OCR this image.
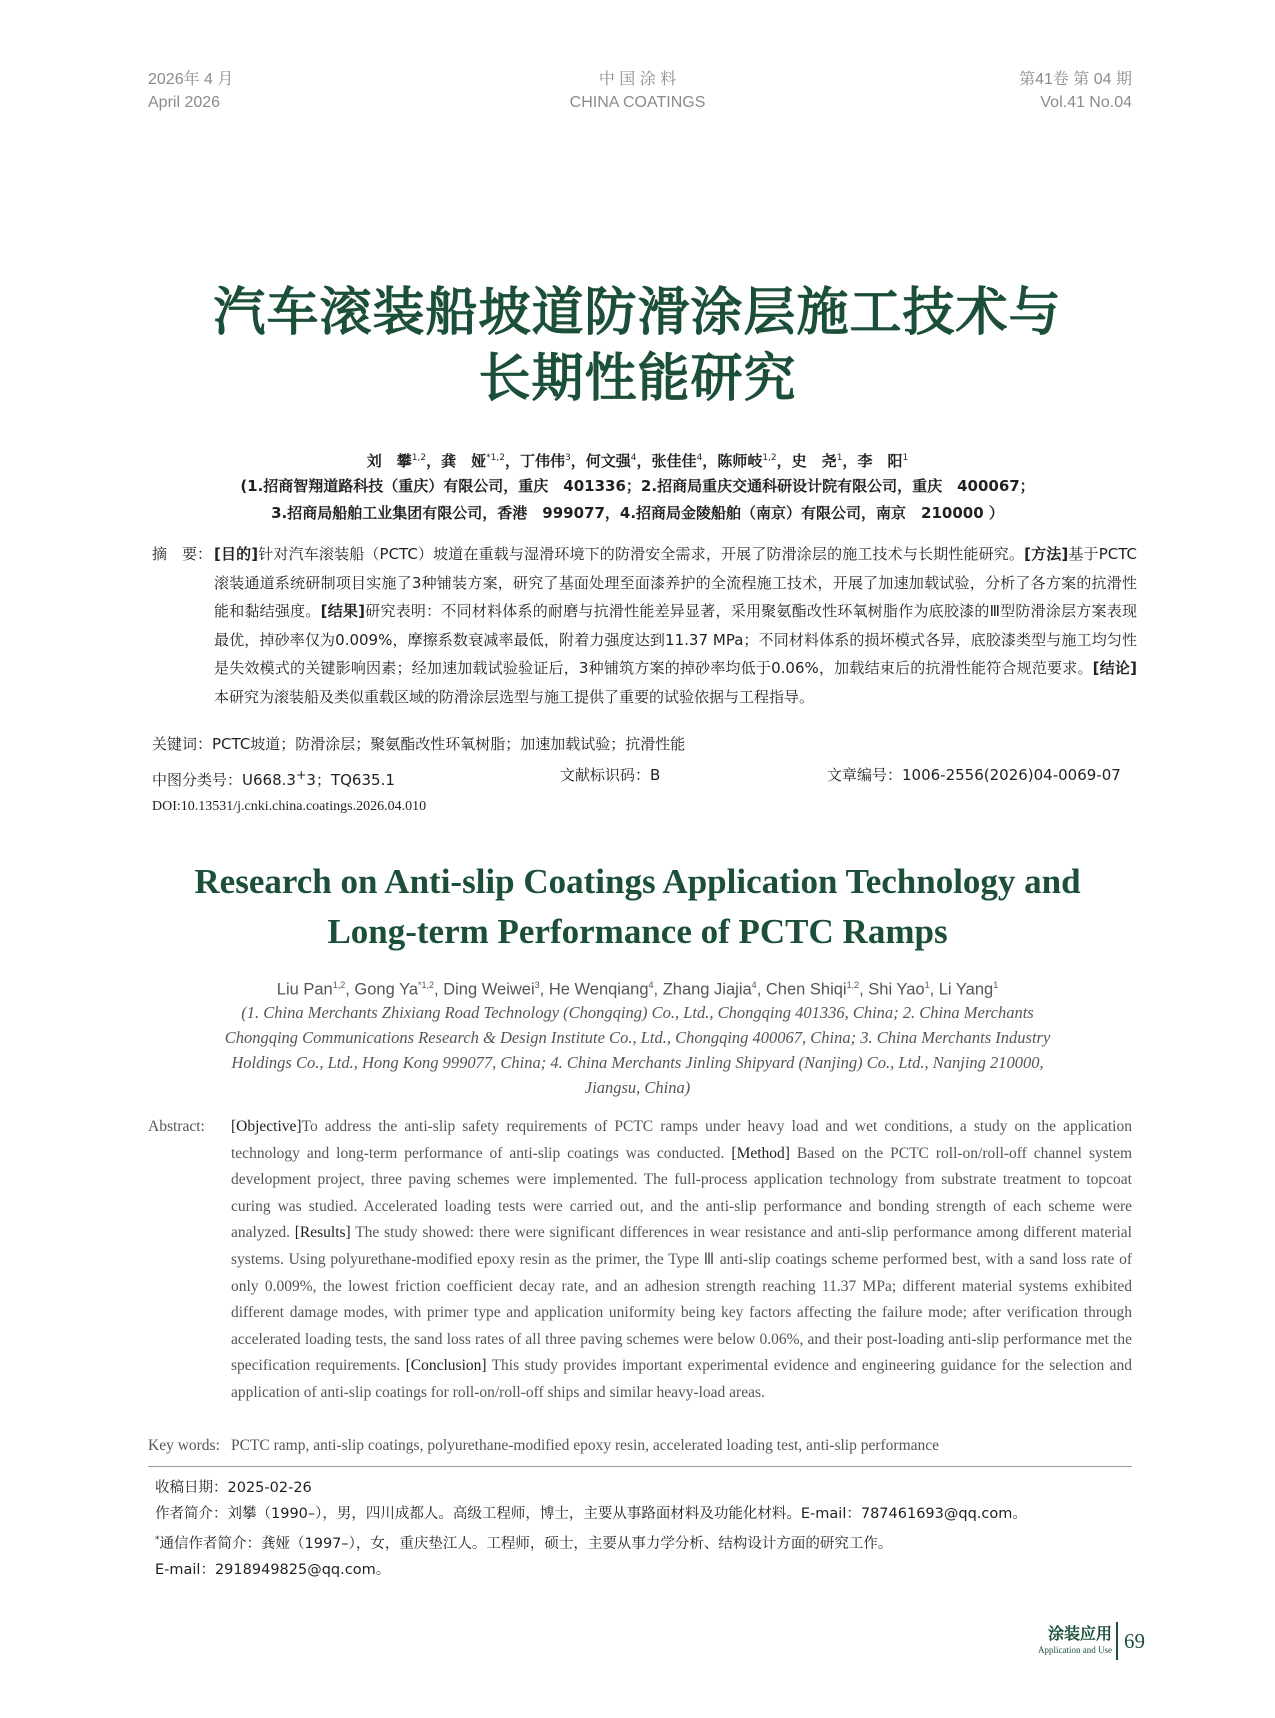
2026年 4 月
April 2026
中 国 涂 料
CHINA COATINGS
第41卷 第 04 期
Vol.41 No.04
汽车滚装船坡道防滑涂层施工技术与
长期性能研究
刘　攀$^{1,2}$，龚　娅$^{*1,2}$，丁伟伟$^3$，何文强$^4$，张佳佳$^4$，陈师岐$^{1,2}$，史　尧$^1$，李　阳$^1$
(1.招商智翔道路科技（重庆）有限公司，重庆　401336；2.招商局重庆交通科研设计院有限公司，重庆　400067；
3.招商局船舶工业集团有限公司，香港　999077，4.招商局金陵船舶（南京）有限公司，南京　210000 ）
摘　要： [目的]针对汽车滚装船（PCTC）坡道在重载与湿滑环境下的防滑安全需求，开展了防滑涂层的施工技术与长期性能研究。[方法]基于PCTC滚装通道系统研制项目实施了3种铺装方案，研究了基面处理至面漆养护的全流程施工技术，开展了加速加载试验，分析了各方案的抗滑性能和黏结强度。[结果]研究表明：不同材料体系的耐磨与抗滑性能差异显著，采用聚氨酯改性环氧树脂作为底胶漆的Ⅲ型防滑涂层方案表现最优，掉砂率仅为0.009%，摩擦系数衰减率最低，附着力强度达到11.37 MPa；不同材料体系的损坏模式各异，底胶漆类型与施工均匀性是失效模式的关键影响因素；经加速加载试验验证后，3种铺筑方案的掉砂率均低于0.06%，加载结束后的抗滑性能符合规范要求。[结论]本研究为滚装船及类似重载区域的防滑涂层选型与施工提供了重要的试验依据与工程指导。
关键词：PCTC坡道；防滑涂层；聚氨酯改性环氧树脂；加速加载试验；抗滑性能
中图分类号：U668.3+3；TQ635.1	文献标识码：B	文章编号：1006-2556(2026)04-0069-07
DOI:10.13531/j.cnki.china.coatings.2026.04.010
Research on Anti-slip Coatings Application Technology and
Long-term Performance of PCTC Ramps
Liu Pan$^{1,2}$, Gong Ya$^{*1,2}$, Ding Weiwei$^3$, He Wenqiang$^4$, Zhang Jiajia$^4$, Chen Shiqi$^{1,2}$, Shi Yao$^1$, Li Yang$^1$
(1. China Merchants Zhixiang Road Technology (Chongqing) Co., Ltd., Chongqing 401336, China; 2. China Merchants
Chongqing Communications Research & Design Institute Co., Ltd., Chongqing 400067, China; 3. China Merchants Industry
Holdings Co., Ltd., Hong Kong 999077, China; 4. China Merchants Jinling Shipyard (Nanjing) Co., Ltd., Nanjing 210000,
Jiangsu, China)
Abstract: [Objective]To address the anti-slip safety requirements of PCTC ramps under heavy load and wet conditions, a study on the application technology and long-term performance of anti-slip coatings was conducted. [Method] Based on the PCTC roll-on/roll-off channel system development project, three paving schemes were implemented. The full-process application technology from substrate treatment to topcoat curing was studied. Accelerated loading tests were carried out, and the anti-slip performance and bonding strength of each scheme were analyzed. [Results] The study showed: there were significant differences in wear resistance and anti-slip performance among different material systems. Using polyurethane-modified epoxy resin as the primer, the Type Ⅲ anti-slip coatings scheme performed best, with a sand loss rate of only 0.009%, the lowest friction coefficient decay rate, and an adhesion strength reaching 11.37 MPa; different material systems exhibited different damage modes, with primer type and application uniformity being key factors affecting the failure mode; after verification through accelerated loading tests, the sand loss rates of all three paving schemes were below 0.06%, and their post-loading anti-slip performance met the specification requirements. [Conclusion] This study provides important experimental evidence and engineering guidance for the selection and application of anti-slip coatings for roll-on/roll-off ships and similar heavy-load areas.
Key words: PCTC ramp, anti-slip coatings, polyurethane-modified epoxy resin, accelerated loading test, anti-slip performance
收稿日期：2025-02-26
作者简介：刘攀（1990–），男，四川成都人。高级工程师，博士，主要从事路面材料及功能化材料。E-mail：787461693@qq.com。
*通信作者简介：龚娅（1997–），女，重庆垫江人。工程师，硕士，主要从事力学分析、结构设计方面的研究工作。
E-mail：2918949825@qq.com。
涂装应用
Application and Use 69
